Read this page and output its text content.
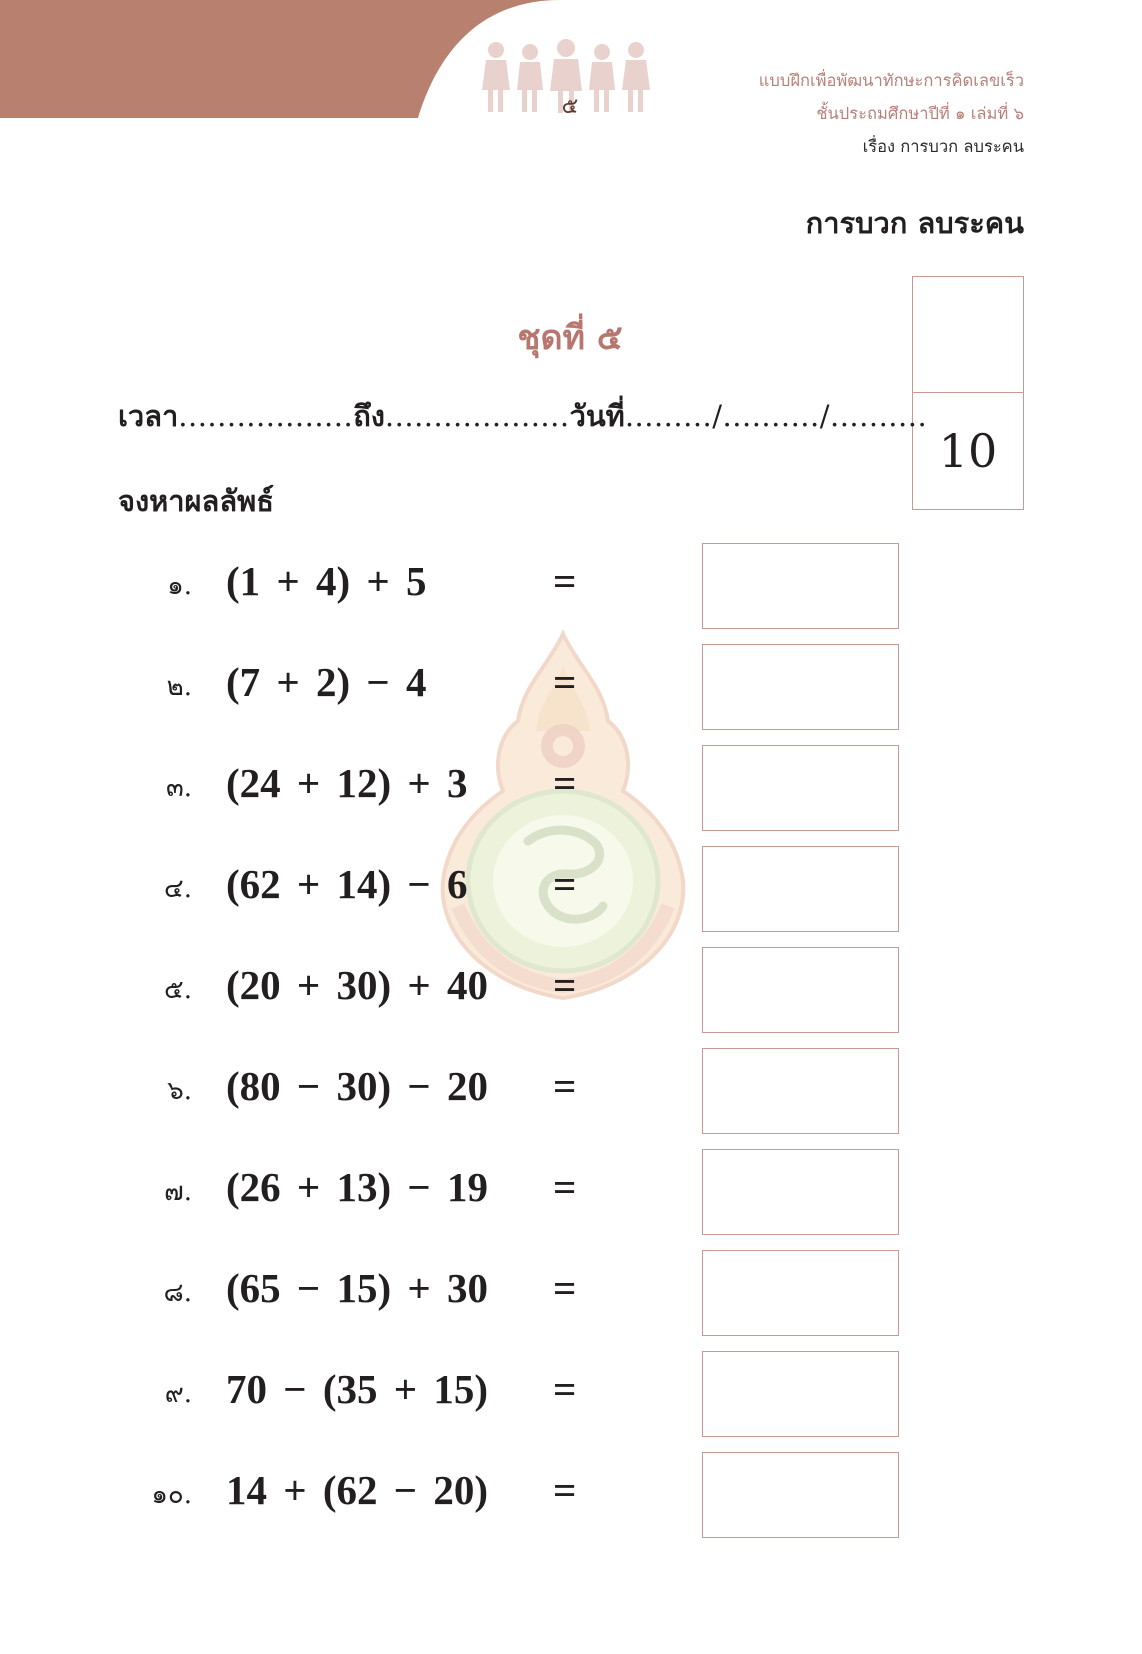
๕
แบบฝึกเพื่อพัฒนาทักษะการคิดเลขเร็ว
ชั้นประถมศึกษาปีที่ ๑ เล่มที่ ๖
เรื่อง การบวก ลบระคน
การบวก ลบระคน
10
ชุดที่ ๕
เวลา..................ถึง...................วันที่........./........../..........
จงหาผลลัพธ์
๑. (1 + 4) + 5	=
๒. (7 + 2) − 4	=
๓. (24 + 12) + 3 =
๔. (62 + 14) − 6 =
๕. (20 + 30) + 40 =
๖. (80 − 30) − 20 =
๗. (26 + 13) − 19 =
๘. (65 − 15) + 30 =
๙. 70 − (35 + 15) =
๑๐. 14 + (62 − 20) =
